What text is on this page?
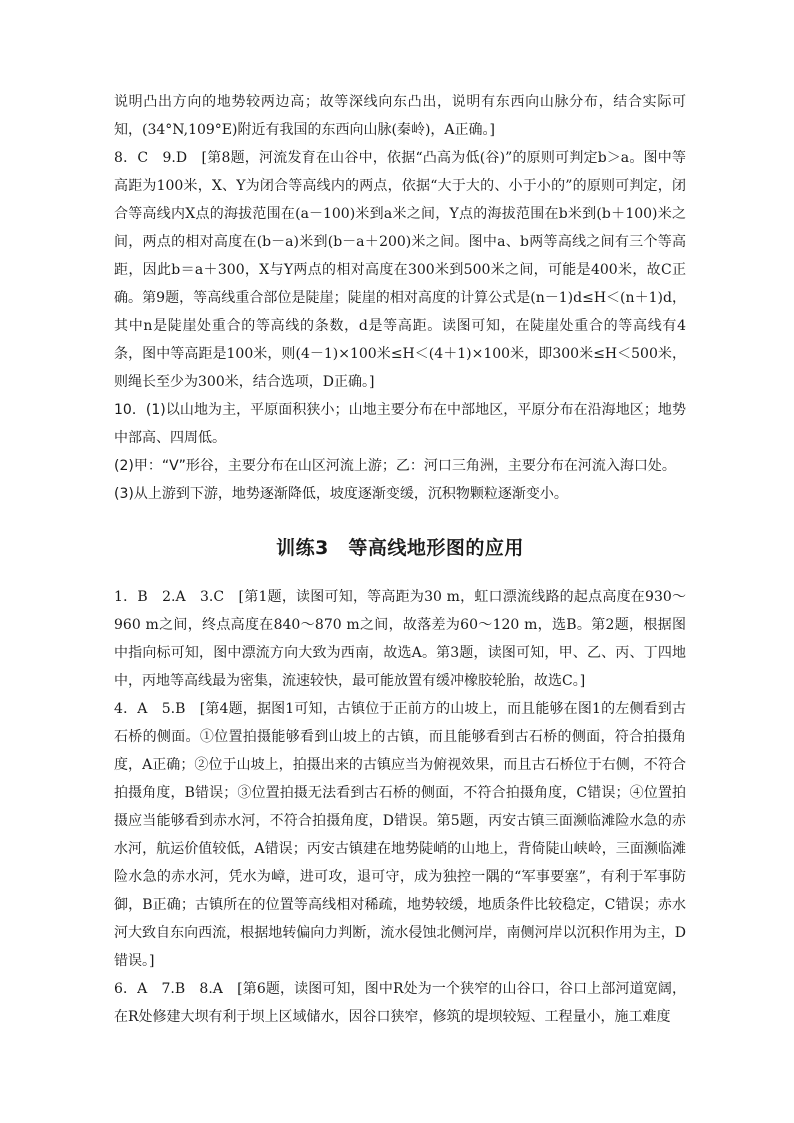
说明凸出方向的地势较两边高；故等深线向东凸出，说明有东西向山脉分布，结合实际可知，(34°N,109°E)附近有我国的东西向山脉(秦岭)，A正确。]

8．C　9.D　[第8题，河流发育在山谷中，依据“凸高为低(谷)”的原则可判定b＞a。图中等高距为100米，X、Y为闭合等高线内的两点，依据“大于大的、小于小的”的原则可判定，闭合等高线内X点的海拔范围在(a－100)米到a米之间，Y点的海拔范围在b米到(b＋100)米之间，两点的相对高度在(b－a)米到(b－a＋200)米之间。图中a、b两等高线之间有三个等高距，因此b＝a＋300，X与Y两点的相对高度在300米到500米之间，可能是400米，故C正确。第9题，等高线重合部位是陡崖；陡崖的相对高度的计算公式是(n－1)d≤H＜(n＋1)d，其中n是陡崖处重合的等高线的条数，d是等高距。读图可知，在陡崖处重合的等高线有4条，图中等高距是100米，则(4－1)×100米≤H＜(4＋1)×100米，即300米≤H＜500米，则绳长至少为300米，结合选项，D正确。]

10．(1)以山地为主，平原面积狭小；山地主要分布在中部地区，平原分布在沿海地区；地势中部高、四周低。

(2)甲：“V”形谷，主要分布在山区河流上游；乙：河口三角洲，主要分布在河流入海口处。

(3)从上游到下游，地势逐渐降低，坡度逐渐变缓，沉积物颗粒逐渐变小。

训练3　等高线地形图的应用

1．B　2.A　3.C　[第1题，读图可知，等高距为30 m，虹口漂流线路的起点高度在930～960 m之间，终点高度在840～870 m之间，故落差为60～120 m，选B。第2题，根据图中指向标可知，图中漂流方向大致为西南，故选A。第3题，读图可知，甲、乙、丙、丁四地中，丙地等高线最为密集，流速较快，最可能放置有缓冲橡胶轮胎，故选C。]

4．A　5.B　[第4题，据图1可知，古镇位于正前方的山坡上，而且能够在图1的左侧看到古石桥的侧面。①位置拍摄能够看到山坡上的古镇，而且能够看到古石桥的侧面，符合拍摄角度，A正确；②位于山坡上，拍摄出来的古镇应当为俯视效果，而且古石桥位于右侧，不符合拍摄角度，B错误；③位置拍摄无法看到古石桥的侧面，不符合拍摄角度，C错误；④位置拍摄应当能够看到赤水河，不符合拍摄角度，D错误。第5题，丙安古镇三面濒临滩险水急的赤水河，航运价值较低，A错误；丙安古镇建在地势陡峭的山地上，背倚陡山峡岭，三面濒临滩险水急的赤水河，凭水为嶂，进可攻，退可守，成为独控一隅的“军事要塞”，有利于军事防御，B正确；古镇所在的位置等高线相对稀疏，地势较缓，地质条件比较稳定，C错误；赤水河大致自东向西流，根据地转偏向力判断，流水侵蚀北侧河岸，南侧河岸以沉积作用为主，D错误。]

6．A　7.B　8.A　[第6题，读图可知，图中R处为一个狭窄的山谷口，谷口上部河道宽阔，在R处修建大坝有利于坝上区域储水，因谷口狭窄，修筑的堤坝较短、工程量小，施工难度
